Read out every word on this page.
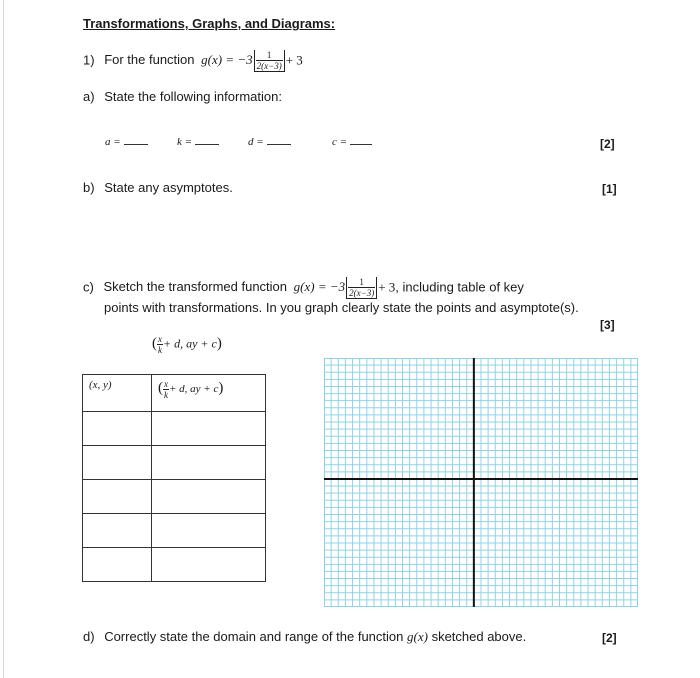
Transformations, Graphs, and Diagrams:
1) For the function $g(x) = -3 \frac{1}{2(x-3)} + 3$
a) State the following information:
a =	k =	d =	c =	[2]
b) State any asymptotes.	[1]
c) Sketch the transformed function $g(x) = -3 \frac{1}{2(x-3)} + 3$, including table of key
points with transformations. In you graph clearly state the points and asymptote(s).
[3]
( $\frac{x}{k} + d$, ay + c)
(x, y)	( $\frac{x}{k} + d$, ay + c)

d) Correctly state the domain and range of the function g(x) sketched above.	[2]
